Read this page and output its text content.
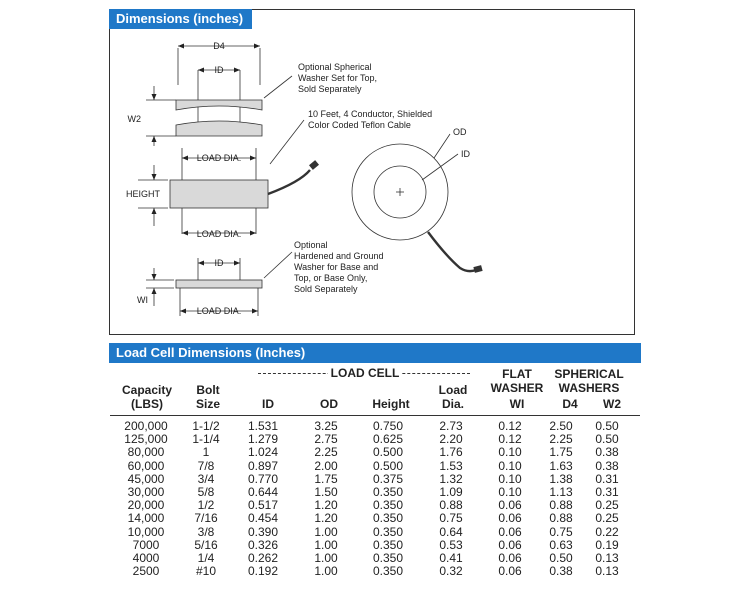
Dimensions (inches)
D4
ID
W2
Optional Spherical
Washer Set for Top,
Sold Separately
10 Feet, 4 Conductor, Shielded
Color Coded Teflon Cable
LOAD DIA.
HEIGHT
LOAD DIA.
OD
ID
Optional
Hardened and Ground
Washer for Base and
Top, or Base Only,
Sold Separately
ID
WI
LOAD DIA.
Load Cell Dimensions (Inches)
LOAD CELL	FLAT
WASHER
SPHERICAL
WASHERS
Capacity
(LBS)
Bolt
Size	ID	OD	Height
Load
Dia.	WI	D4	W2
200,000	1-1/2	1.531	3.25	0.750	2.73	0.12	2.50	0.50
125,000	1-1/4	1.279	2.75	0.625	2.20	0.12	2.25	0.50
80,000	1	1.024	2.25	0.500	1.76	0.10	1.75	0.38
60,000	7/8	0.897	2.00	0.500	1.53	0.10	1.63	0.38
45,000	3/4	0.770	1.75	0.375	1.32	0.10	1.38	0.31
30,000	5/8	0.644	1.50	0.350	1.09	0.10	1.13	0.31
20,000	1/2	0.517	1.20	0.350	0.88	0.06	0.88	0.25
14,000	7/16	0.454	1.20	0.350	0.75	0.06	0.88	0.25
10,000	3/8	0.390	1.00	0.350	0.64	0.06	0.75	0.22
7000	5/16	0.326	1.00	0.350	0.53	0.06	0.63	0.19
4000	1/4	0.262	1.00	0.350	0.41	0.06	0.50	0.13
2500	#10	0.192	1.00	0.350	0.32	0.06	0.38	0.13
